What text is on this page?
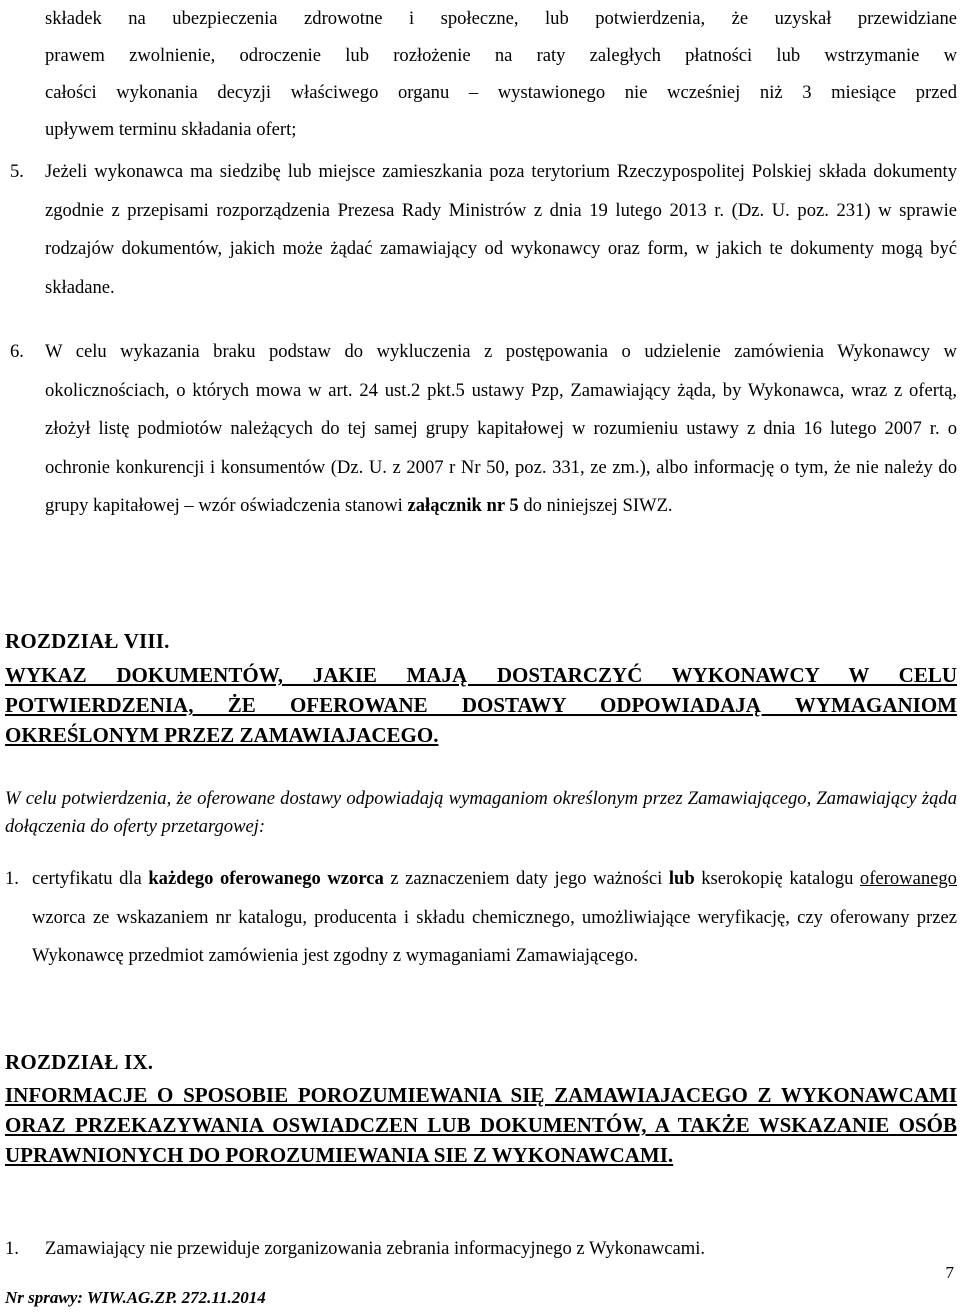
składek na ubezpieczenia zdrowotne i społeczne, lub potwierdzenia, że uzyskał przewidziane
prawem zwolnienie, odroczenie lub rozłożenie na raty zaległych płatności lub wstrzymanie w
całości wykonania decyzji właściwego organu – wystawionego nie wcześniej niż 3 miesiące przed
upływem terminu składania ofert;
5.	Jeżeli wykonawca ma siedzibę lub miejsce zamieszkania poza terytorium Rzeczypospolitej Polskiej składa dokumenty zgodnie z przepisami rozporządzenia Prezesa Rady Ministrów z dnia 19 lutego 2013 r. (Dz. U. poz. 231) w sprawie rodzajów dokumentów, jakich może żądać zamawiający od wykonawcy oraz form, w jakich te dokumenty mogą być składane.
6.	W celu wykazania braku podstaw do wykluczenia z postępowania o udzielenie zamówienia Wykonawcy w okolicznościach, o których mowa w art. 24 ust.2 pkt.5 ustawy Pzp, Zamawiający żąda, by Wykonawca, wraz z ofertą, złożył listę podmiotów należących do tej samej grupy kapitałowej w rozumieniu ustawy z dnia 16 lutego 2007 r. o ochronie konkurencji i konsumentów (Dz. U. z 2007 r Nr 50, poz. 331, ze zm.), albo informację o tym, że nie należy do grupy kapitałowej – wzór oświadczenia stanowi załącznik nr 5 do niniejszej SIWZ.
ROZDZIAŁ VIII.
WYKAZ DOKUMENTÓW, JAKIE MAJĄ DOSTARCZYĆ WYKONAWCY W CELU POTWIERDZENIA, ŻE OFEROWANE DOSTAWY ODPOWIADAJĄ WYMAGANIOM OKREŚLONYM PRZEZ ZAMAWIAJACEGO.
W celu potwierdzenia, że oferowane dostawy odpowiadają wymaganiom określonym przez Zamawiającego, Zamawiający żąda dołączenia do oferty przetargowej:
1. certyfikatu dla każdego oferowanego wzorca z zaznaczeniem daty jego ważności lub kserokopię katalogu oferowanego wzorca ze wskazaniem nr katalogu, producenta i składu chemicznego, umożliwiające weryfikację, czy oferowany przez Wykonawcę przedmiot zamówienia jest zgodny z wymaganiami Zamawiającego.
ROZDZIAŁ IX.
INFORMACJE O SPOSOBIE POROZUMIEWANIA SIĘ ZAMAWIAJACEGO Z WYKONAWCAMI ORAZ PRZEKAZYWANIA OSWIADCZEN LUB DOKUMENTÓW, A TAKŻE WSKAZANIE OSÓB UPRAWNIONYCH DO POROZUMIEWANIA SIE Z WYKONAWCAMI.
1.	Zamawiający nie przewiduje zorganizowania zebrania informacyjnego z Wykonawcami.
7
Nr sprawy: WIW.AG.ZP. 272.11.2014
